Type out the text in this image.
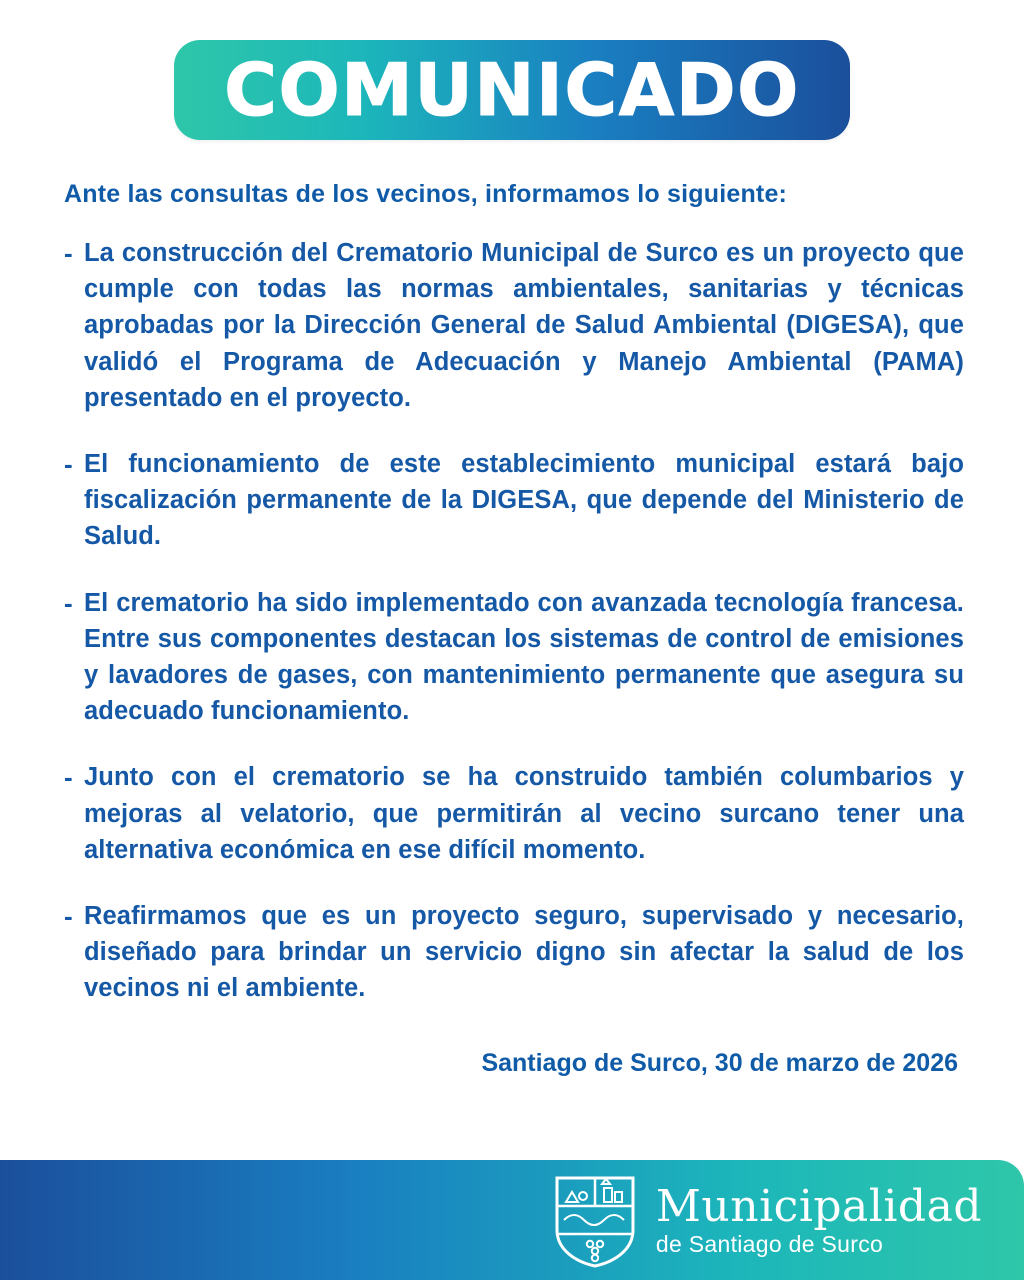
COMUNICADO
Ante las consultas de los vecinos, informamos lo siguiente:
- La construcción del Crematorio Municipal de Surco es un proyecto que cumple con todas las normas ambientales, sanitarias y técnicas aprobadas por la Dirección General de Salud Ambiental (DIGESA), que validó el Programa de Adecuación y Manejo Ambiental (PAMA) presentado en el proyecto.
- El funcionamiento de este establecimiento municipal estará bajo fiscalización permanente de la DIGESA, que depende del Ministerio de Salud.
- El crematorio ha sido implementado con avanzada tecnología francesa. Entre sus componentes destacan los sistemas de control de emisiones y lavadores de gases, con mantenimiento permanente que asegura su adecuado funcionamiento.
- Junto con el crematorio se ha construido también columbarios y mejoras al velatorio, que permitirán al vecino surcano tener una alternativa económica en ese difícil momento.
- Reafirmamos que es un proyecto seguro, supervisado y necesario, diseñado para brindar un servicio digno sin afectar la salud de los vecinos ni el ambiente.
Santiago de Surco, 30 de marzo de 2026
Municipalidad
de Santiago de Surco
